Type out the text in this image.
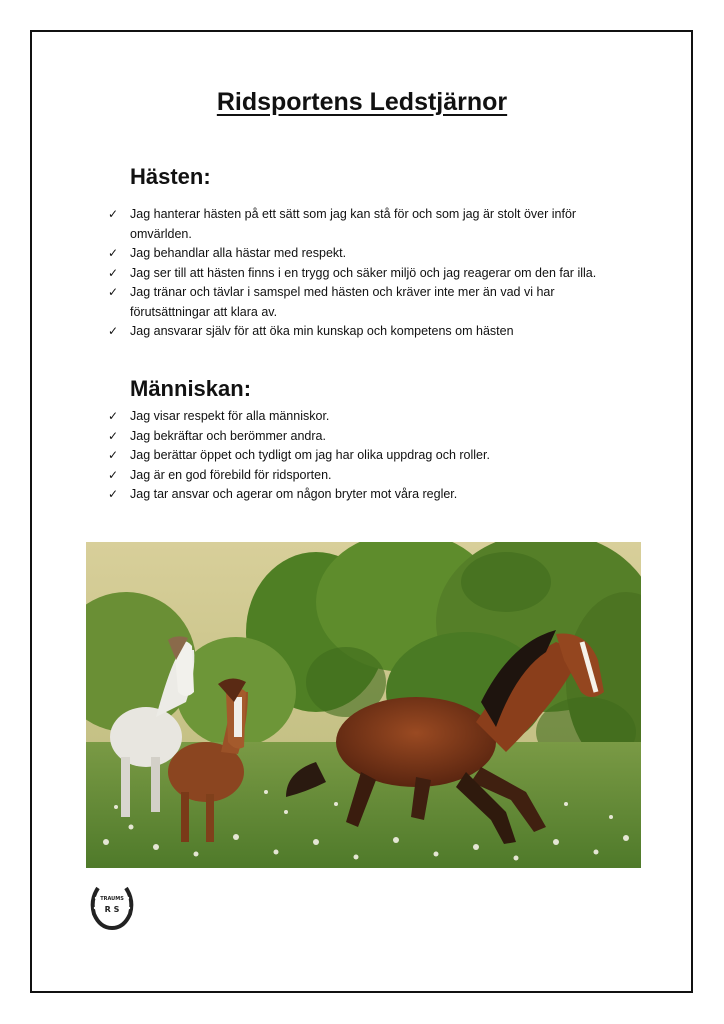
Ridsportens Ledstjärnor
Hästen:
✓ Jag hanterar hästen på ett sätt som jag kan stå för och som jag är stolt över inför omvärlden.
✓ Jag behandlar alla hästar med respekt.
✓ Jag ser till att hästen finns i en trygg och säker miljö och jag reagerar om den far illa.
✓ Jag tränar och tävlar i samspel med hästen och kräver inte mer än vad vi har förutsättningar att klara av.
✓ Jag ansvarar själv för att öka min kunskap och kompetens om hästen
Människan:
✓ Jag visar respekt för alla människor.
✓ Jag bekräftar och berömmer andra.
✓ Jag berättar öppet och tydligt om jag har olika uppdrag och roller.
✓ Jag är en god förebild för ridsporten.
✓ Jag tar ansvar och agerar om någon bryter mot våra regler.
TRAUMS
R S
